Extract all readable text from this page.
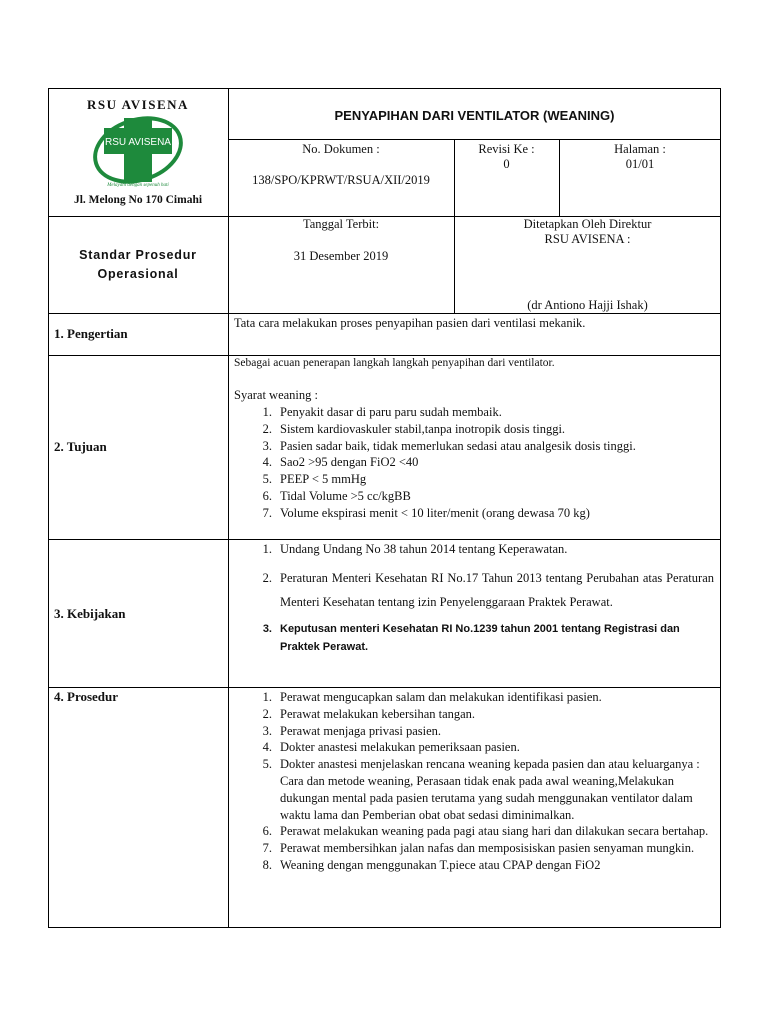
RSU AVISENA
RSU AVISENA
Melayani dengan sepenuh hati
Jl. Melong No 170 Cimahi
PENYAPIHAN DARI VENTILATOR (WEANING)
No. Dokumen :
138/SPO/KPRWT/RSUA/XII/2019
Revisi Ke :
0
Halaman :
01/01
Standar Prosedur
Operasional
Tanggal Terbit:
31 Desember 2019
Ditetapkan Oleh Direktur
RSU AVISENA :
(dr Antiono Hajji Ishak)
1. Pengertian
Tata cara melakukan proses penyapihan pasien dari ventilasi mekanik.
2. Tujuan
Sebagai acuan penerapan langkah langkah penyapihan dari ventilator.
Syarat weaning :
1. Penyakit dasar di paru paru sudah membaik.
2. Sistem kardiovaskuler stabil,tanpa inotropik dosis tinggi.
3. Pasien sadar baik, tidak memerlukan sedasi atau analgesik dosis tinggi.
4. Sao2 >95 dengan FiO2 <40
5. PEEP < 5 mmHg
6. Tidal Volume >5 cc/kgBB
7. Volume ekspirasi menit < 10 liter/menit (orang dewasa 70 kg)
3. Kebijakan
1. Undang Undang No 38 tahun 2014 tentang Keperawatan.
2. Peraturan Menteri Kesehatan RI No.17 Tahun 2013 tentang Perubahan atas Peraturan Menteri Kesehatan tentang izin Penyelenggaraan Praktek Perawat.
3. Keputusan menteri Kesehatan RI No.1239 tahun 2001 tentang Registrasi dan Praktek Perawat.
4. Prosedur	1. Perawat mengucapkan salam dan melakukan identifikasi pasien.
2. Perawat melakukan kebersihan tangan.
3. Perawat menjaga privasi pasien.
4. Dokter anastesi melakukan pemeriksaan pasien.
5. Dokter anastesi menjelaskan rencana weaning kepada pasien dan atau keluarganya : Cara dan metode weaning, Perasaan tidak enak pada awal weaning,Melakukan dukungan mental pada pasien terutama yang sudah menggunakan ventilator dalam waktu lama dan Pemberian obat obat sedasi diminimalkan.
6. Perawat melakukan weaning pada pagi atau siang hari dan dilakukan secara bertahap.
7. Perawat membersihkan jalan nafas dan memposisiskan pasien senyaman mungkin.
8. Weaning dengan menggunakan T.piece atau CPAP dengan FiO2
